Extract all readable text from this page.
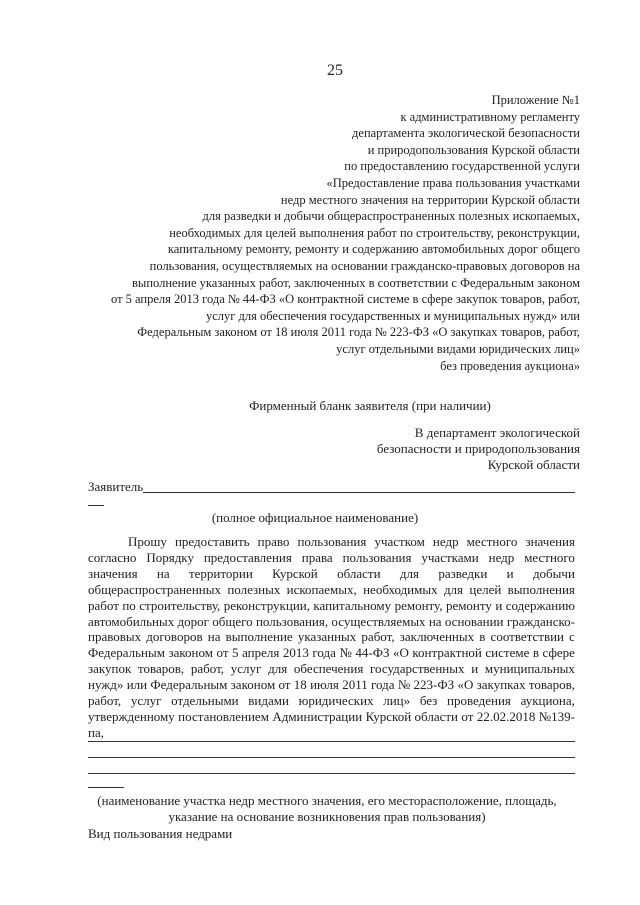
25
Приложение №1
к административному регламенту
департамента экологической безопасности
и природопользования Курской области
по предоставлению государственной услуги
«Предоставление права пользования участками
недр местного значения на территории Курской области
для разведки и добычи общераспространенных полезных ископаемых,
необходимых для целей выполнения работ по строительству, реконструкции,
капитальному ремонту, ремонту и содержанию автомобильных дорог общего
пользования, осуществляемых на основании гражданско-правовых договоров на
выполнение указанных работ, заключенных в соответствии с Федеральным законом
от 5 апреля 2013 года № 44-ФЗ «О контрактной системе в сфере закупок товаров, работ,
услуг для обеспечения государственных и муниципальных нужд» или
Федеральным законом от 18 июля 2011 года № 223-ФЗ «О закупках товаров, работ,
услуг отдельными видами юридических лиц»
без проведения аукциона»
Фирменный бланк заявителя (при наличии)
В департамент экологической
безопасности и природопользования
Курской области
Заявитель
(полное официальное наименование)
Прошу предоставить право пользования участком недр местного значения
согласно Порядку предоставления права пользования участками недр местного
значения на территории Курской области для разведки и добычи
общераспространенных полезных ископаемых, необходимых для целей выполнения
работ по строительству, реконструкции, капитальному ремонту, ремонту и содержанию
автомобильных дорог общего пользования, осуществляемых на основании гражданско-
правовых договоров на выполнение указанных работ, заключенных в соответствии с
Федеральным законом от 5 апреля 2013 года № 44-ФЗ «О контрактной системе в сфере
закупок товаров, работ, услуг для обеспечения государственных и муниципальных
нужд» или Федеральным законом от 18 июля 2011 года № 223-ФЗ «О закупках товаров,
работ, услуг отдельными видами юридических лиц» без проведения аукциона,
утвержденному постановлением Администрации Курской области от 22.02.2018 №139-
па,
(наименование участка недр местного значения, его месторасположение, площадь,
указание на основание возникновения прав пользования)
Вид пользования недрами
